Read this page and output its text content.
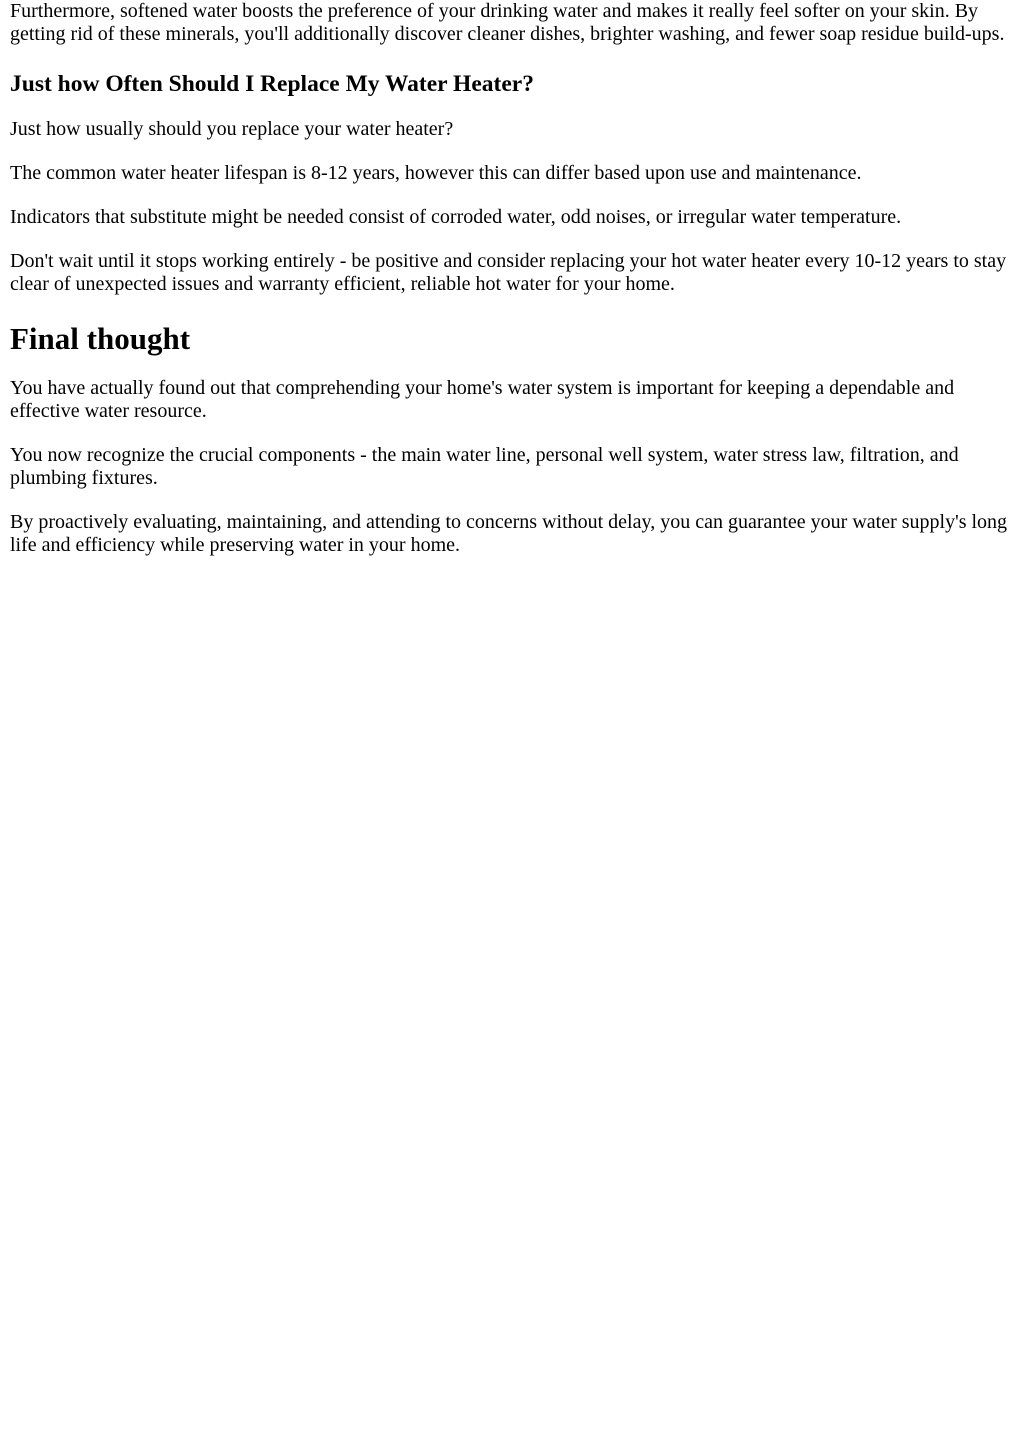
Furthermore, softened water boosts the preference of your drinking water and makes it really feel softer on your skin. By getting rid of these minerals, you'll additionally discover cleaner dishes, brighter washing, and fewer soap residue build-ups.

Just how Often Should I Replace My Water Heater?

Just how usually should you replace your water heater?

The common water heater lifespan is 8-12 years, however this can differ based upon use and maintenance.

Indicators that substitute might be needed consist of corroded water, odd noises, or irregular water temperature.

Don't wait until it stops working entirely - be positive and consider replacing your hot water heater every 10-12 years to stay clear of unexpected issues and warranty efficient, reliable hot water for your home.

Final thought

You have actually found out that comprehending your home's water system is important for keeping a dependable and effective water resource.

You now recognize the crucial components - the main water line, personal well system, water stress law, filtration, and plumbing fixtures.

By proactively evaluating, maintaining, and attending to concerns without delay, you can guarantee your water supply's long life and efficiency while preserving water in your home.
